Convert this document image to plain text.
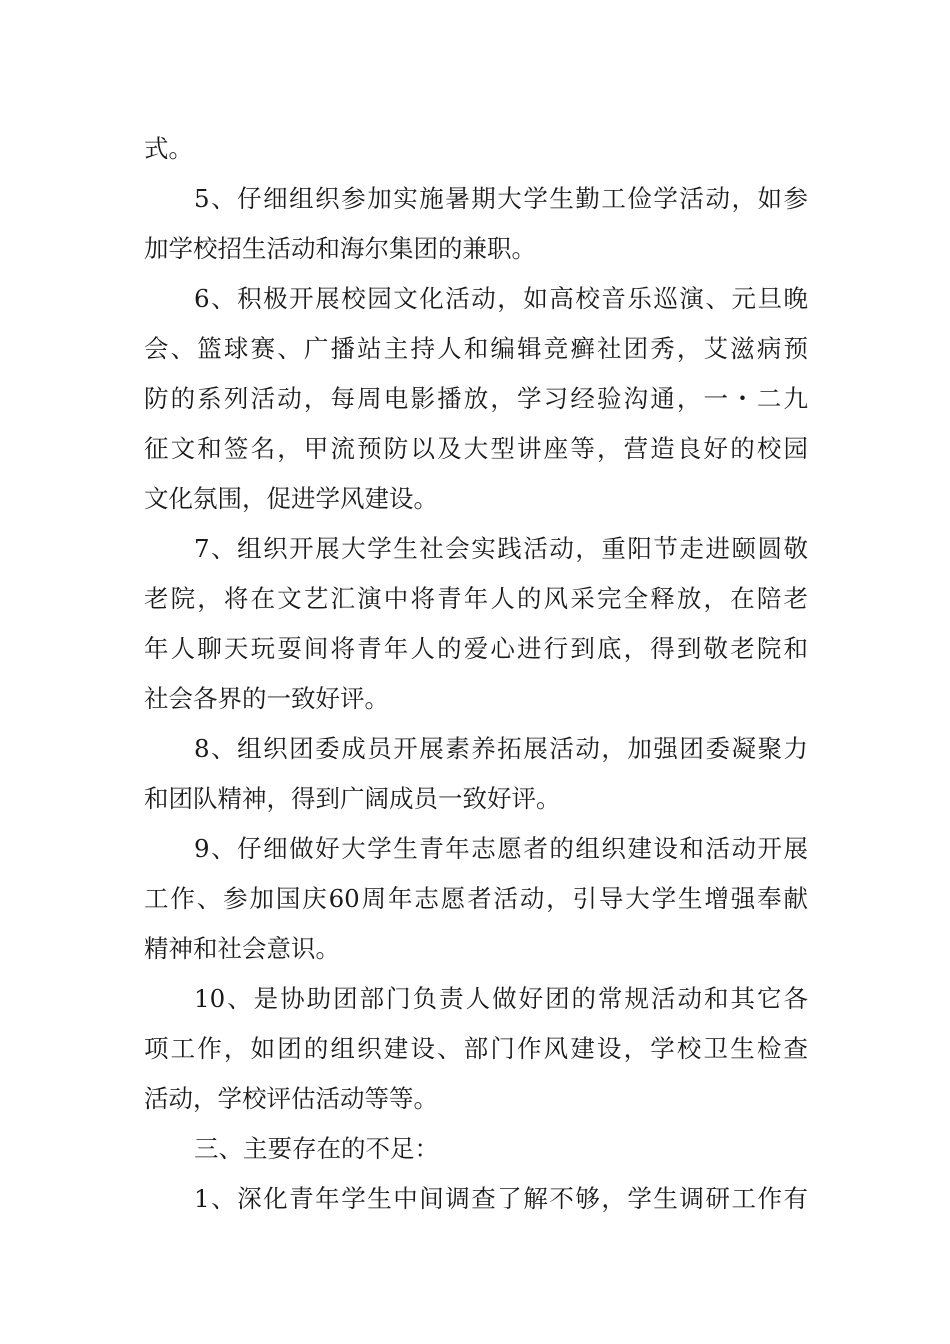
式。
5、仔细组织参加实施暑期大学生勤工俭学活动，如参
加学校招生活动和海尔集团的兼职。
6、积极开展校园文化活动，如高校音乐巡演、元旦晚
会、篮球赛、广播站主持人和编辑竞癣社团秀，艾滋病预
防的系列活动，每周电影播放，学习经验沟通，一・二九
征文和签名，甲流预防以及大型讲座等，营造良好的校园
文化氛围，促进学风建设。
7、组织开展大学生社会实践活动，重阳节走进颐圆敬
老院，将在文艺汇演中将青年人的风采完全释放，在陪老
年人聊天玩耍间将青年人的爱心进行到底，得到敬老院和
社会各界的一致好评。
8、组织团委成员开展素养拓展活动，加强团委凝聚力
和团队精神，得到广阔成员一致好评。
9、仔细做好大学生青年志愿者的组织建设和活动开展
工作、参加国庆60周年志愿者活动，引导大学生增强奉献
精神和社会意识。
10、是协助团部门负责人做好团的常规活动和其它各
项工作，如团的组织建设、部门作风建设，学校卫生检查
活动，学校评估活动等等。
三、主要存在的不足：
1、深化青年学生中间调查了解不够，学生调研工作有
